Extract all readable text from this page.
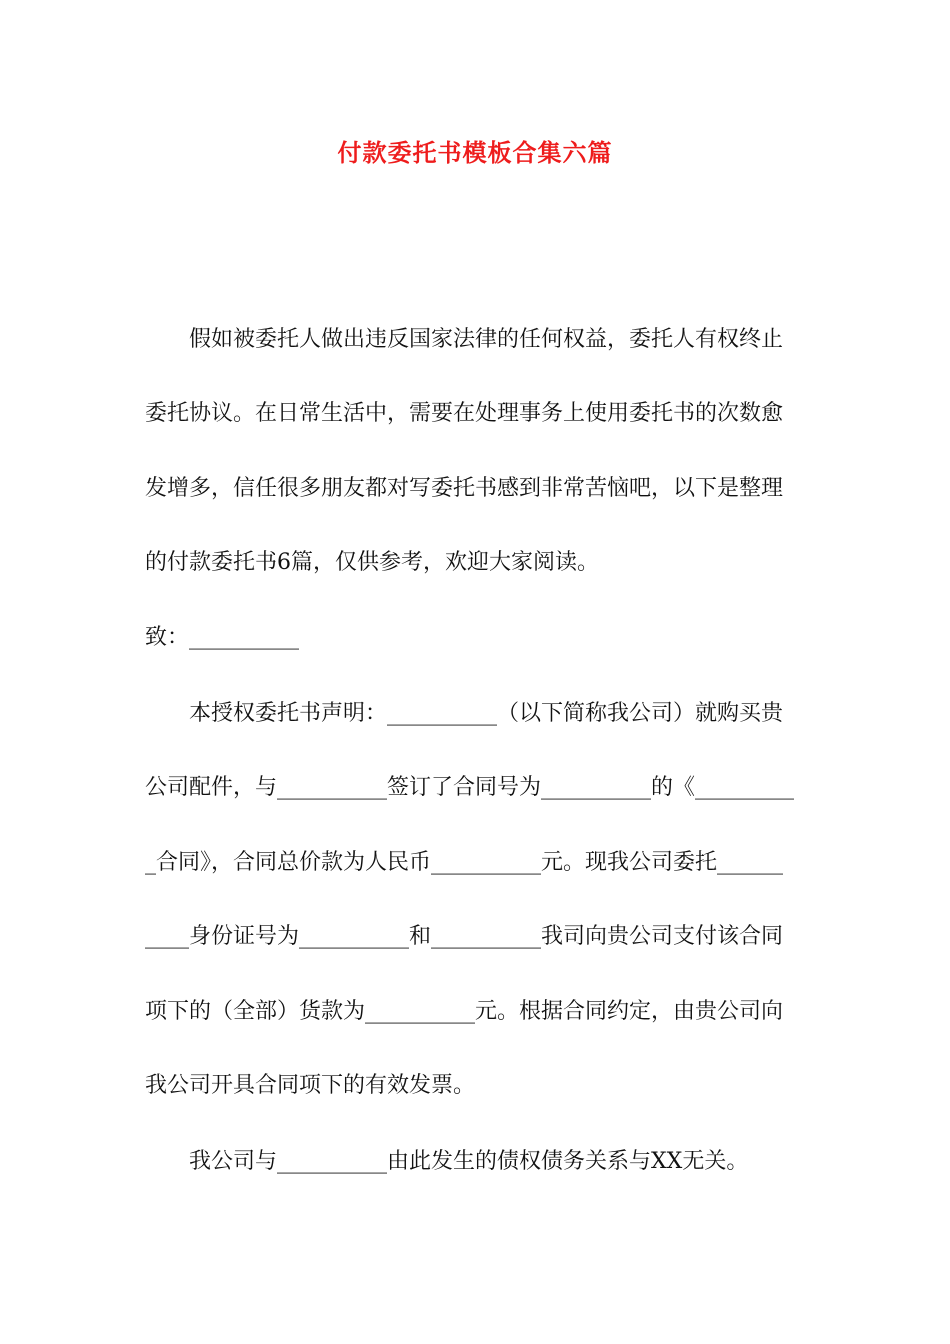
付款委托书模板合集六篇
　　假如被委托人做出违反国家法律的任何权益，委托人有权终止
委托协议。在日常生活中，需要在处理事务上使用委托书的次数愈
发增多，信任很多朋友都对写委托书感到非常苦恼吧，以下是整理
的付款委托书6篇，仅供参考，欢迎大家阅读。
致：__________
　　本授权委托书声明：__________（以下简称我公司）就购买贵
公司配件，与__________签订了合同号为__________的《_________
_合同》，合同总价款为人民币__________元。现我公司委托______
____身份证号为__________和__________我司向贵公司支付该合同
项下的（全部）货款为__________元。根据合同约定，由贵公司向
我公司开具合同项下的有效发票。
　　我公司与__________由此发生的债权债务关系与XX无关。
